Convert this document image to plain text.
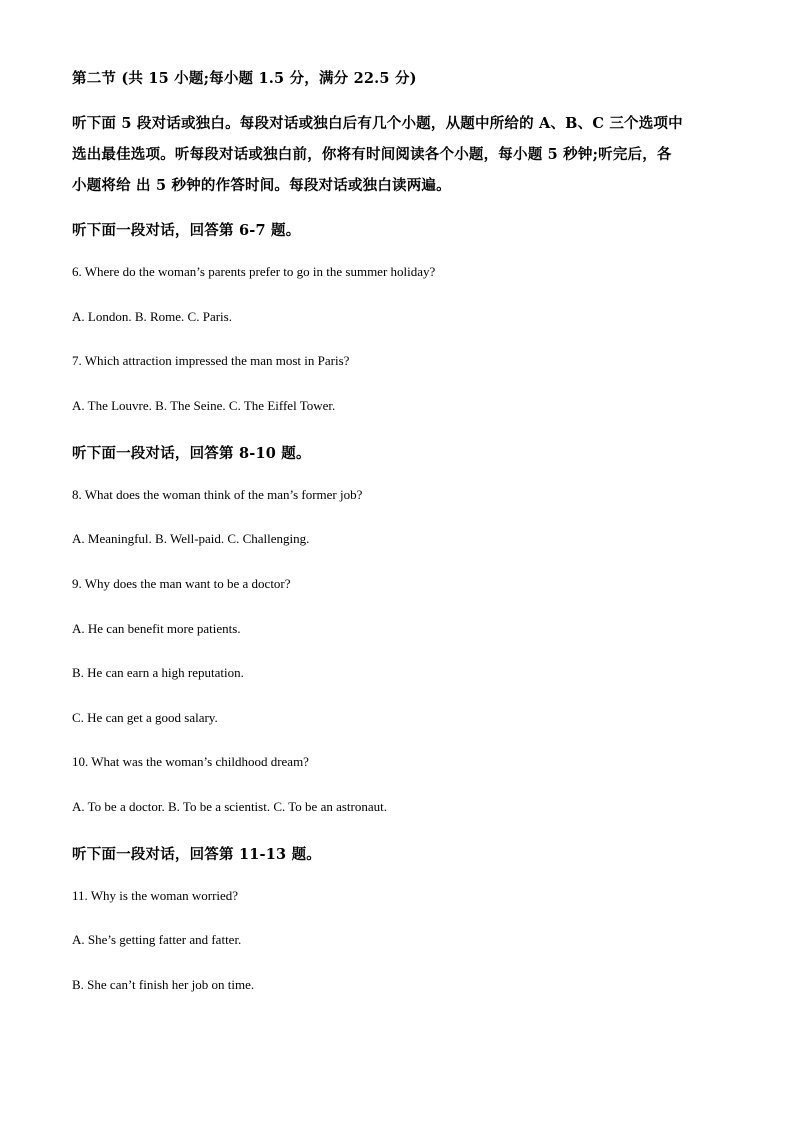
第二节 (共 15 小题;每小题 1.5 分，满分 22.5 分)
听下面 5 段对话或独白。每段对话或独白后有几个小题，从题中所给的 A、B、C 三个选项中
选出最佳选项。听每段对话或独白前，你将有时间阅读各个小题，每小题 5 秒钟;听完后，各
小题将给 出 5 秒钟的作答时间。每段对话或独白读两遍。
听下面一段对话，回答第 6-7 题。
6. Where do the woman’s parents prefer to go in the summer holiday?
A. London. B. Rome. C. Paris.
7. Which attraction impressed the man most in Paris?
A. The Louvre. B. The Seine. C. The Eiffel Tower.
听下面一段对话，回答第 8-10 题。
8. What does the woman think of the man’s former job?
A. Meaningful. B. Well-paid. C. Challenging.
9. Why does the man want to be a doctor?
A. He can benefit more patients.
B. He can earn a high reputation.
C. He can get a good salary.
10. What was the woman’s childhood dream?
A. To be a doctor. B. To be a scientist. C. To be an astronaut.
听下面一段对话，回答第 11-13 题。
11. Why is the woman worried?
A. She’s getting fatter and fatter.
B. She can’t finish her job on time.
